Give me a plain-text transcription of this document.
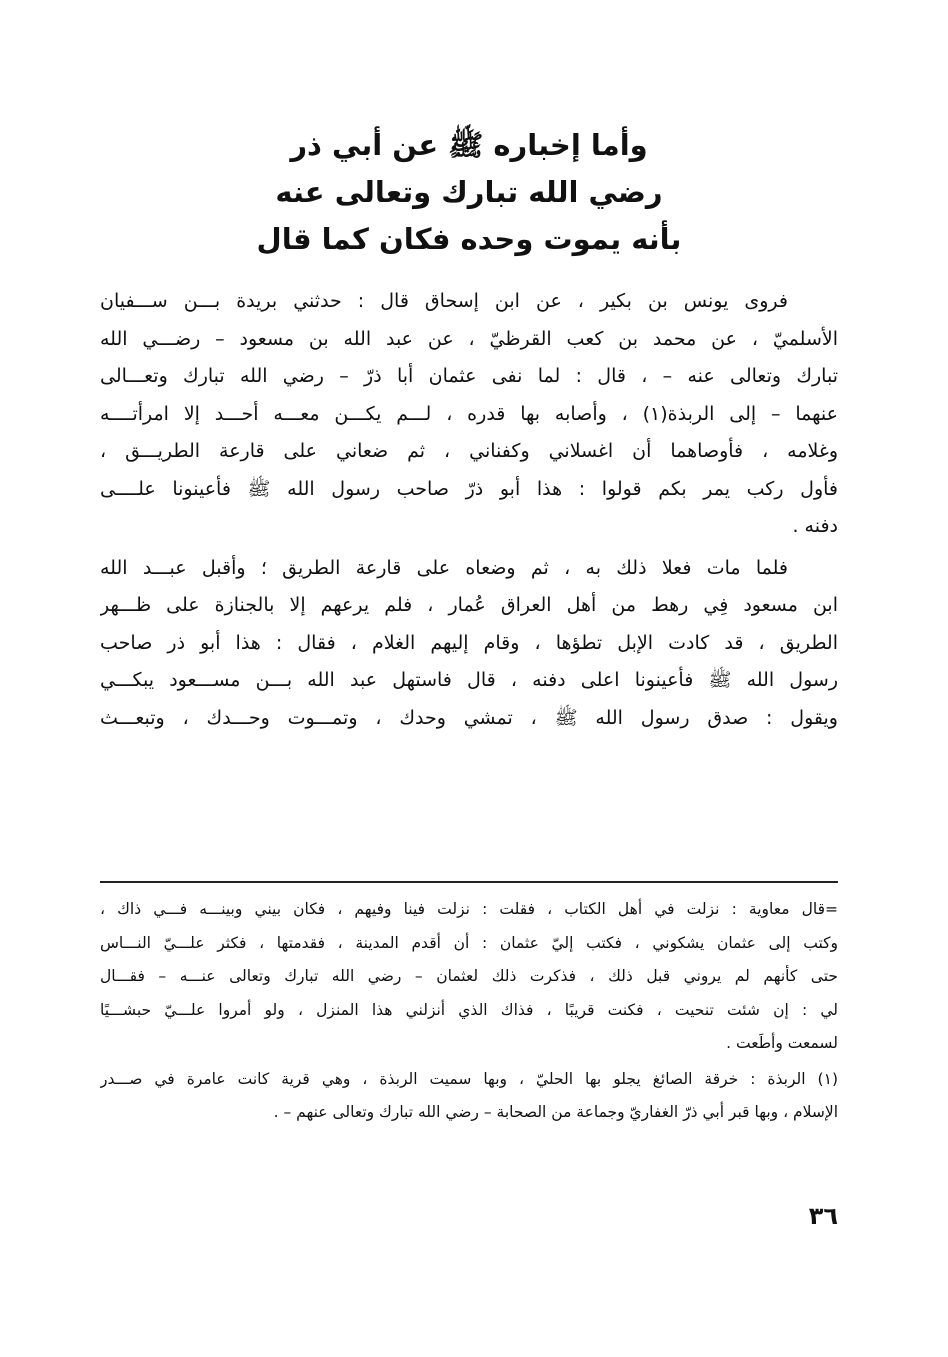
وأما إخباره ﷺ عن أبي ذر
رضي الله تبارك وتعالى عنه
بأنه يموت وحده فكان كما قال

فروى يونس بن بكير ، عن ابن إسحاق قال : حدثني بريدة بـــن ســـفيان
الأسلميّ ، عن محمد بن كعب القرظيّ ، عن عبد الله بن مسعود – رضـــي الله
تبارك وتعالى عنه – ، قال : لما نفى عثمان أبا ذرّ – رضي الله تبارك وتعـــالى
عنهما – إلى الربذة(١) ، وأصابه بها قدره ، لـــم يكـــن معـــه أحـــد إلا امرأتــــه
وغلامه ، فأوصاهما أن اغسلاني وكفناني ، ثم ضعاني على قارعة الطريـــق ،
فأول ركب يمر بكم قولوا : هذا أبو ذرّ صاحب رسول الله ﷺ فأعينونا علــــى
دفنه .

فلما مات فعلا ذلك به ، ثم وضعاه على قارعة الطريق ؛ وأقبل عبـــد الله
ابن مسعود فِي رهط من أهل العراق عُمار ، فلم يرعهم إلا بالجنازة على ظـــهر
الطريق ، قد كادت الإبل تطؤها ، وقام إليهم الغلام ، فقال : هذا أبو ذر صاحب
رسول الله ﷺ فأعينونا اعلى دفنه ، قال فاستهل عبد الله بـــن مســـعود يبكـــي
ويقول : صدق رسول الله ﷺ ، تمشي وحدك ، وتمـــوت وحـــدك ، وتبعـــث

=قال معاوية : نزلت في أهل الكتاب ، فقلت : نزلت فينا وفيهم ، فكان بيني وبينـــه فـــي ذاك ،
وكتب إلى عثمان يشكوني ، فكتب إليّ عثمان : أن أقدم المدينة ، فقدمتها ، فكثر علـــيّ النـــاس
حتى كأنهم لم يروني قبل ذلك ، فذكرت ذلك لعثمان – رضي الله تبارك وتعالى عنـــه – فقـــال
لي : إن شئت تنحيت ، فكنت قريبًا ، فذاك الذي أنزلني هذا المنزل ، ولو أمروا علـــيّ حبشـــيًا
لسمعت وأطَعت .

(١) الربذة : خرقة الصائغ يجلو بها الحليّ ، وبها سميت الربذة ، وهي قرية كانت عامرة في صـــدر
الإسلام ، وبها قبر أبي ذرّ الغفاريّ وجماعة من الصحابة – رضي الله تبارك وتعالى عنهم – .

٣٦
